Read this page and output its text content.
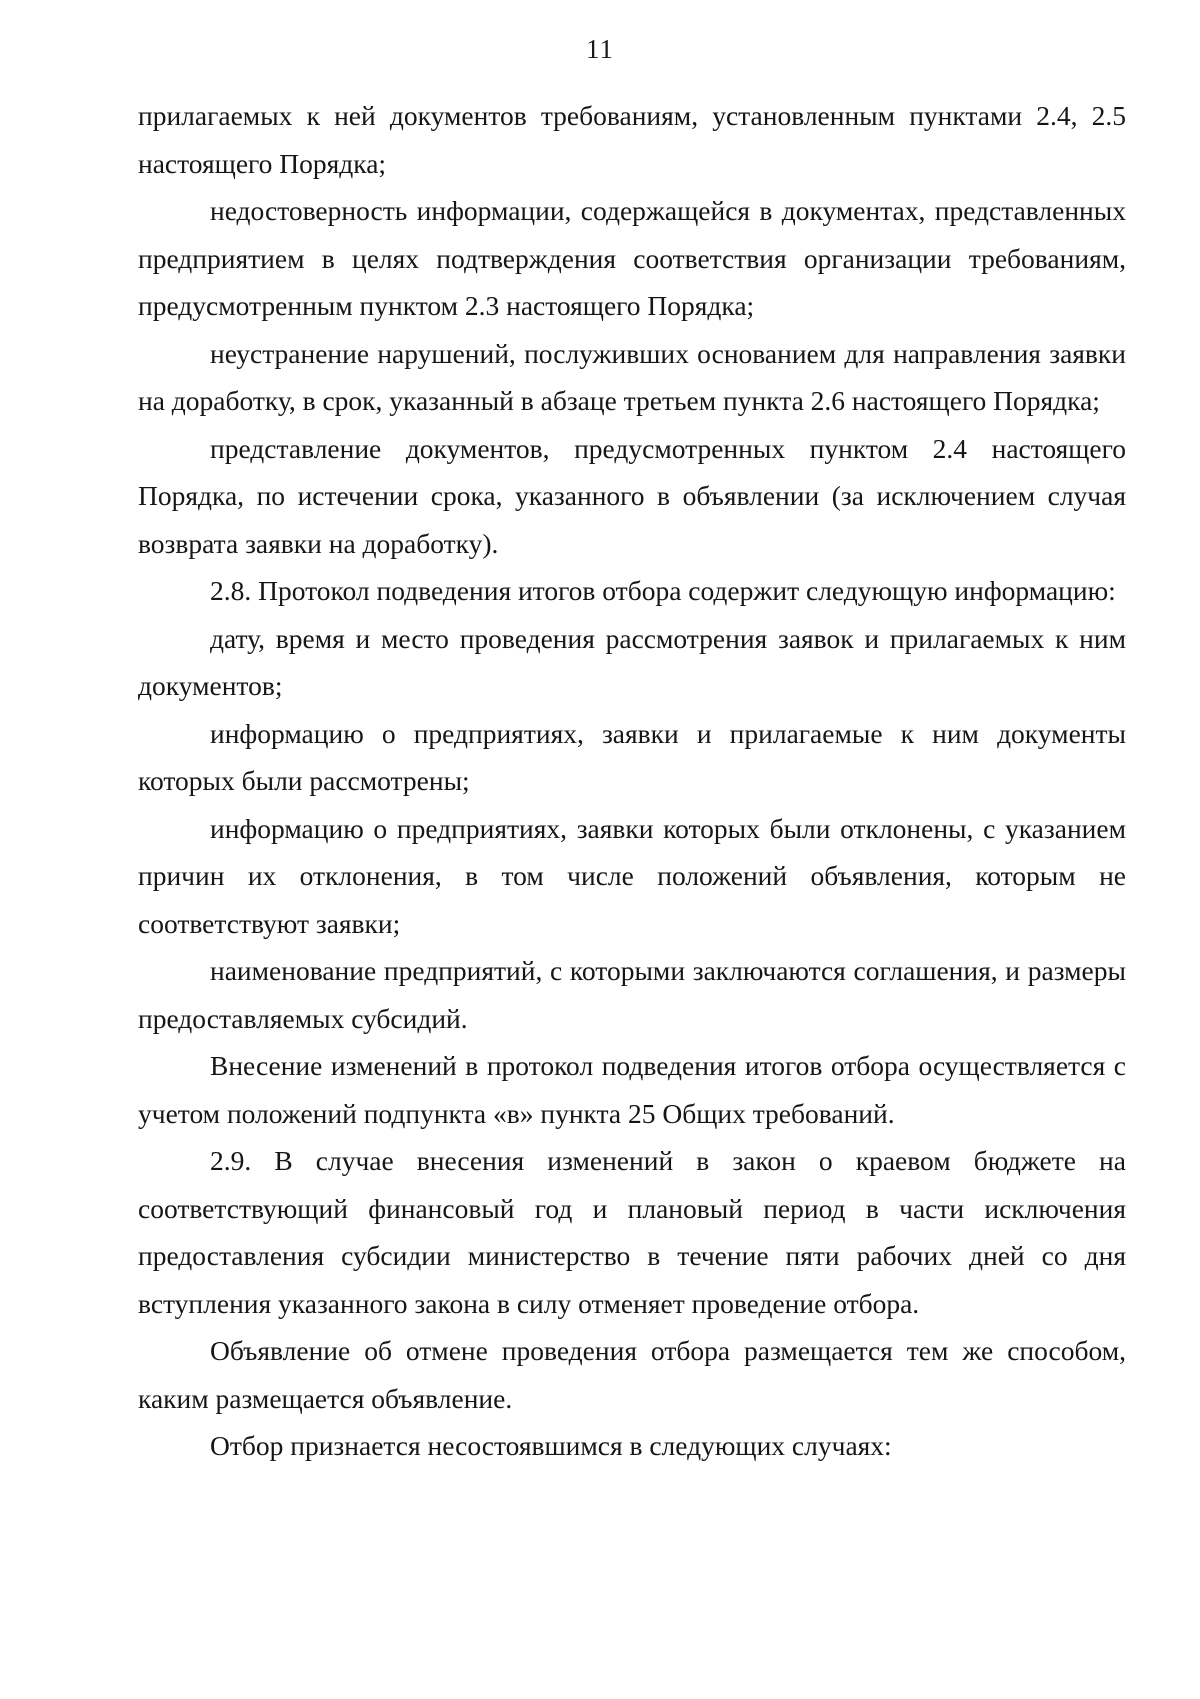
11

прилагаемых к ней документов требованиям, установленным пунктами 2.4, 2.5 настоящего Порядка;

недостоверность информации, содержащейся в документах, представленных предприятием в целях подтверждения соответствия организации требованиям, предусмотренным пунктом 2.3 настоящего Порядка;

неустранение нарушений, послуживших основанием для направления заявки на доработку, в срок, указанный в абзаце третьем пункта 2.6 настоящего Порядка;

представление документов, предусмотренных пунктом 2.4 настоящего Порядка, по истечении срока, указанного в объявлении (за исключением случая возврата заявки на доработку).

2.8. Протокол подведения итогов отбора содержит следующую информацию:

дату, время и место проведения рассмотрения заявок и прилагаемых к ним документов;

информацию о предприятиях, заявки и прилагаемые к ним документы которых были рассмотрены;

информацию о предприятиях, заявки которых были отклонены, с указанием причин их отклонения, в том числе положений объявления, которым не соответствуют заявки;

наименование предприятий, с которыми заключаются соглашения, и размеры предоставляемых субсидий.

Внесение изменений в протокол подведения итогов отбора осуществляется с учетом положений подпункта «в» пункта 25 Общих требований.

2.9. В случае внесения изменений в закон о краевом бюджете на соответствующий финансовый год и плановый период в части исключения предоставления субсидии министерство в течение пяти рабочих дней со дня вступления указанного закона в силу отменяет проведение отбора.

Объявление об отмене проведения отбора размещается тем же способом, каким размещается объявление.

Отбор признается несостоявшимся в следующих случаях:
